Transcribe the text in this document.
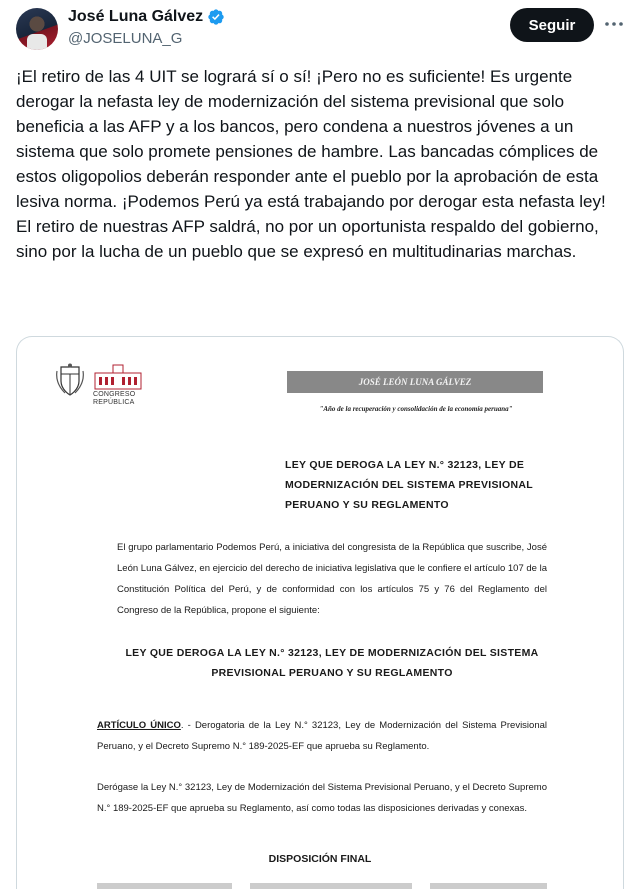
José Luna Gálvez
@JOSELUNA_G
Seguir

¡El retiro de las 4 UIT se logrará sí o sí! ¡Pero no es suficiente! Es urgente derogar la nefasta ley de modernización del sistema previsional que solo beneficia a las AFP y a los bancos, pero condena a nuestros jóvenes a un sistema que solo promete pensiones de hambre. Las bancadas cómplices de estos oligopolios deberán responder ante el pueblo por la aprobación de esta lesiva norma. ¡Podemos Perú ya está trabajando por derogar esta nefasta ley!
El retiro de nuestras AFP saldrá, no por un oportunista respaldo del gobierno, sino por la lucha de un pueblo que se expresó en multitudinarias marchas.

CONGRESO
REPÚBLICA
JOSÉ LEÓN LUNA GÁLVEZ
"Año de la recuperación y consolidación de la economía peruana"
LEY QUE DEROGA LA LEY N.° 32123, LEY DE MODERNIZACIÓN DEL SISTEMA PREVISIONAL PERUANO Y SU REGLAMENTO

El grupo parlamentario Podemos Perú, a iniciativa del congresista de la República que suscribe, José León Luna Gálvez, en ejercicio del derecho de iniciativa legislativa que le confiere el artículo 107 de la Constitución Política del Perú, y de conformidad con los artículos 75 y 76 del Reglamento del Congreso de la República, propone el siguiente:

LEY QUE DEROGA LA LEY N.° 32123, LEY DE MODERNIZACIÓN DEL SISTEMA PREVISIONAL PERUANO Y SU REGLAMENTO

ARTÍCULO ÚNICO. - Derogatoria de la Ley N.° 32123, Ley de Modernización del Sistema Previsional Peruano, y el Decreto Supremo N.° 189-2025-EF que aprueba su Reglamento.

Derógase la Ley N.° 32123, Ley de Modernización del Sistema Previsional Peruano, y el Decreto Supremo N.° 189-2025-EF que aprueba su Reglamento, así como todas las disposiciones derivadas y conexas.

DISPOSICIÓN FINAL
